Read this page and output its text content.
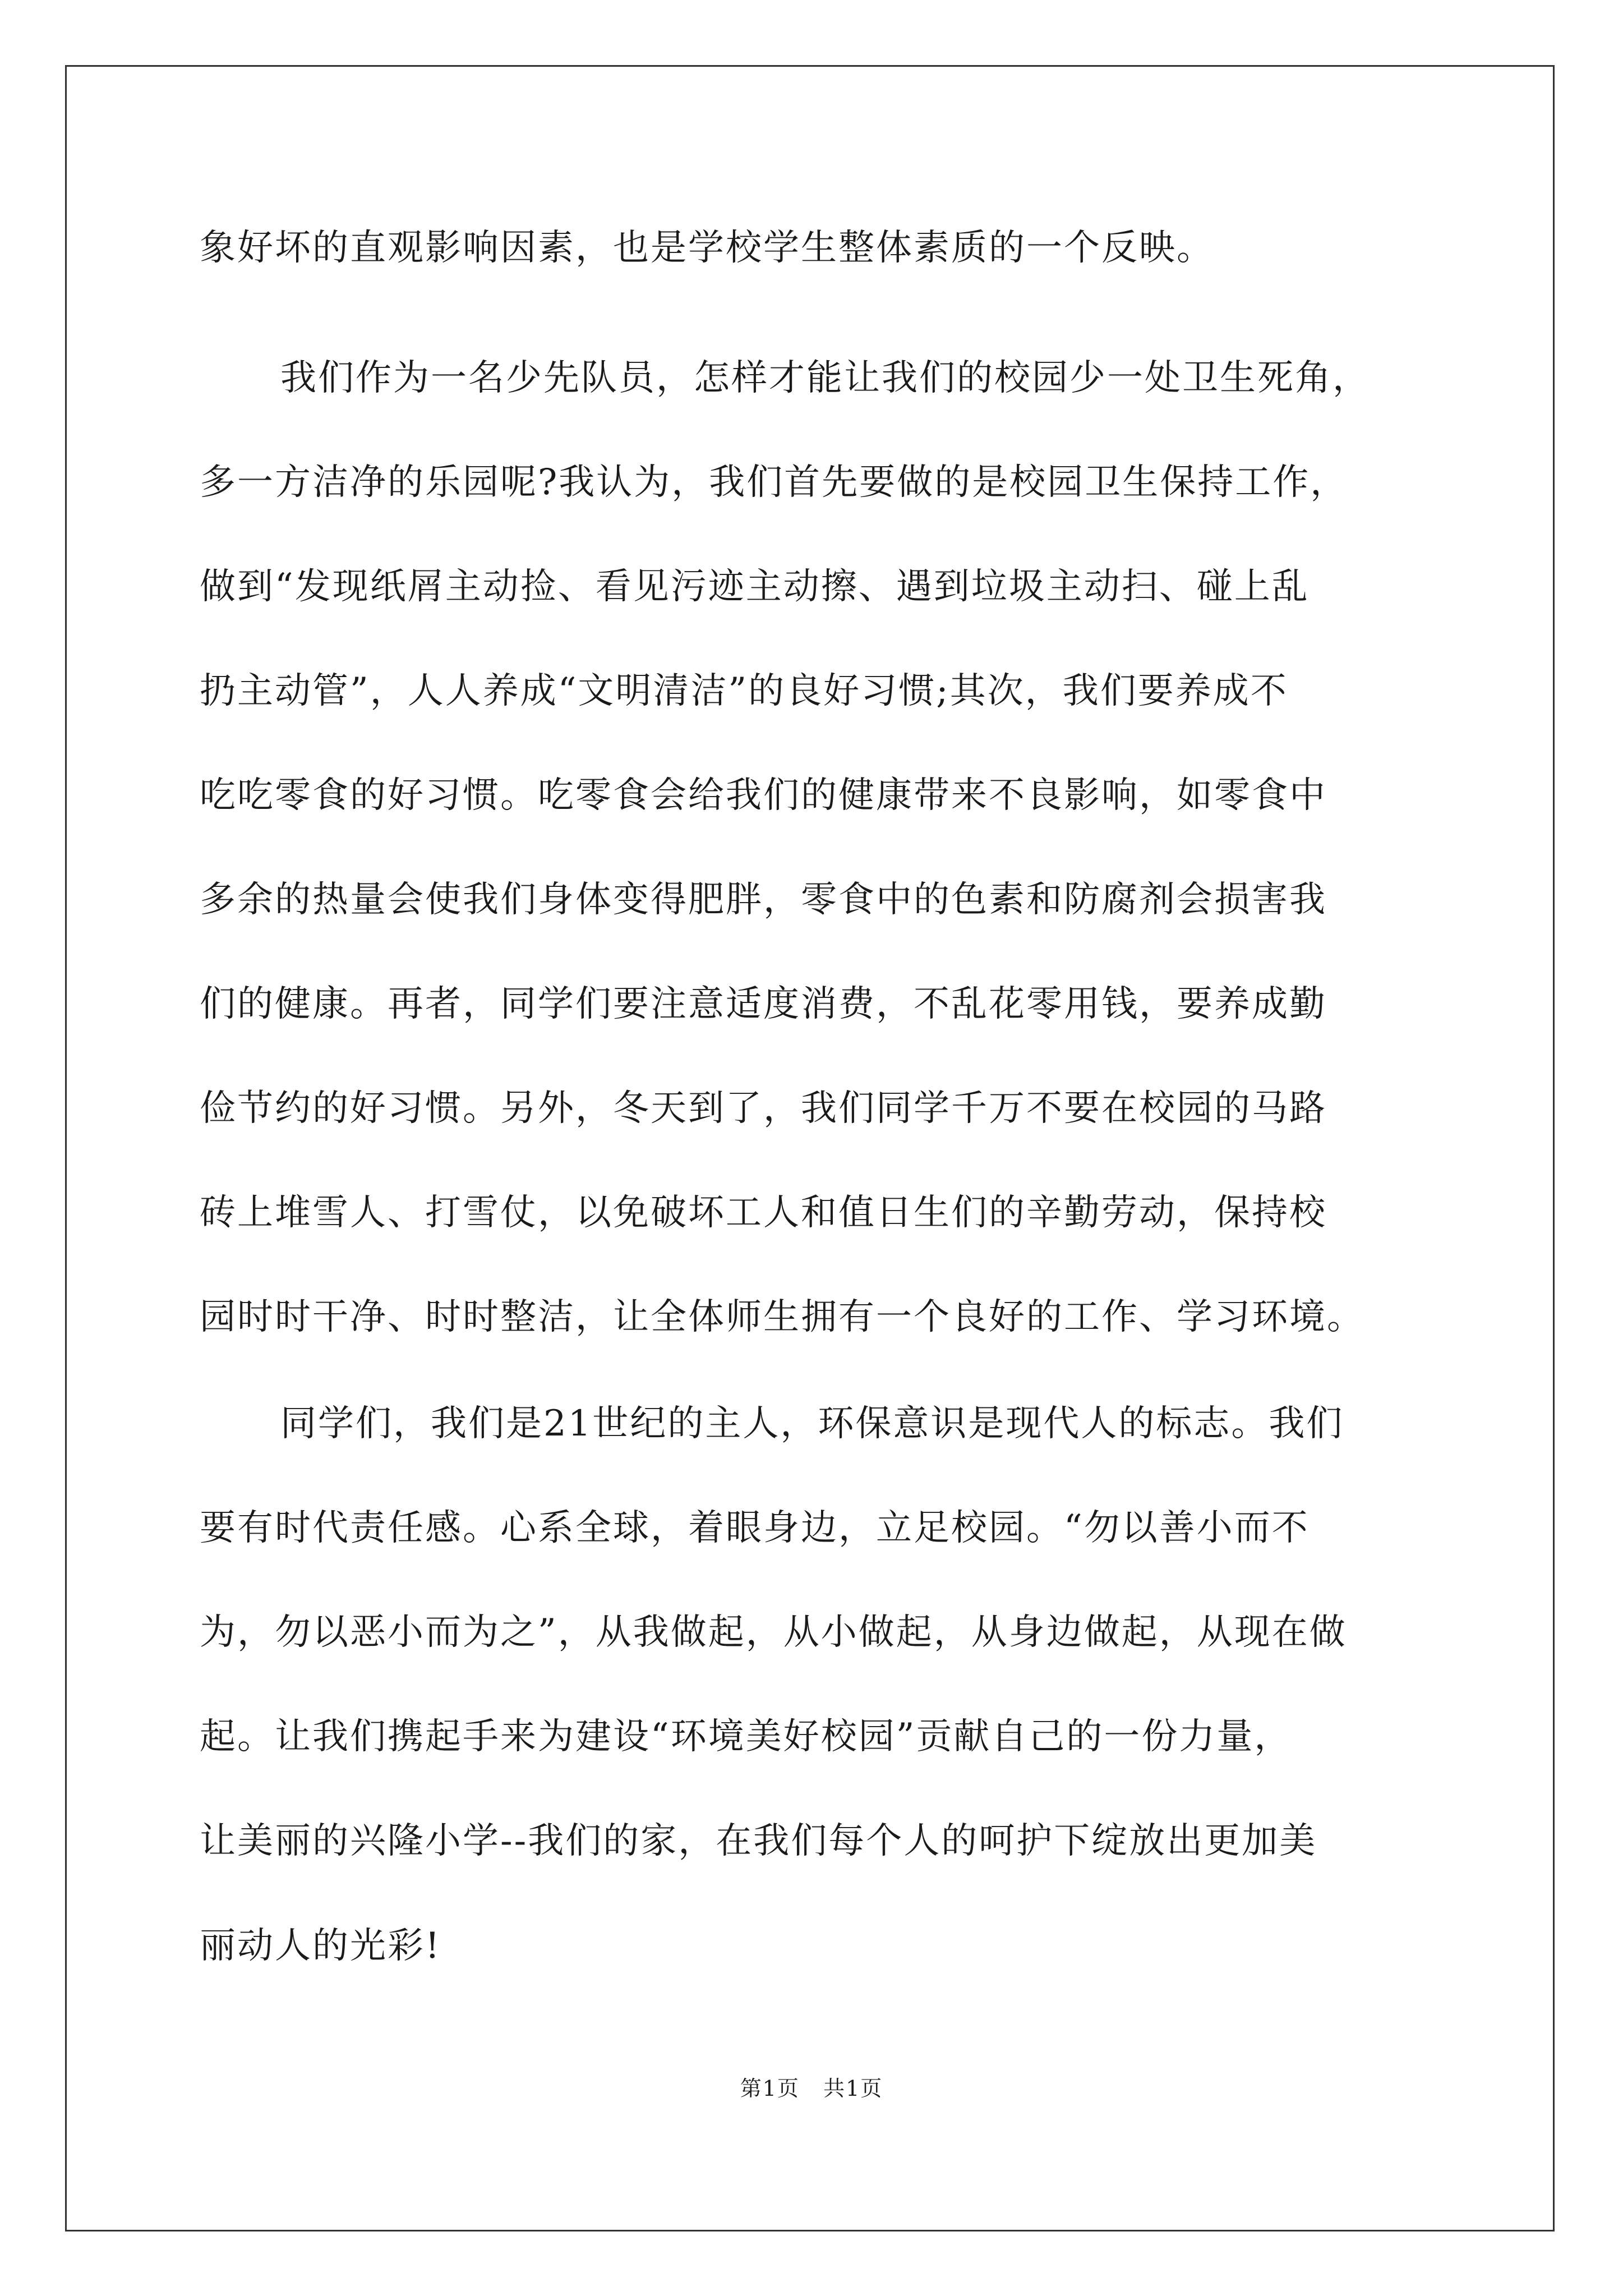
象好坏的直观影响因素，也是学校学生整体素质的一个反映。
我们作为一名少先队员，怎样才能让我们的校园少一处卫生死角，
多一方洁净的乐园呢?我认为，我们首先要做的是校园卫生保持工作，
做到“发现纸屑主动捡、看见污迹主动擦、遇到垃圾主动扫、碰上乱
扔主动管”，人人养成“文明清洁”的良好习惯;其次，我们要养成不
吃吃零食的好习惯。吃零食会给我们的健康带来不良影响，如零食中
多余的热量会使我们身体变得肥胖，零食中的色素和防腐剂会损害我
们的健康。再者，同学们要注意适度消费，不乱花零用钱，要养成勤
俭节约的好习惯。另外，冬天到了，我们同学千万不要在校园的马路
砖上堆雪人、打雪仗，以免破坏工人和值日生们的辛勤劳动，保持校
园时时干净、时时整洁，让全体师生拥有一个良好的工作、学习环境。
同学们，我们是21世纪的主人，环保意识是现代人的标志。我们
要有时代责任感。心系全球，着眼身边，立足校园。“勿以善小而不
为，勿以恶小而为之”，从我做起，从小做起，从身边做起，从现在做
起。让我们携起手来为建设“环境美好校园”贡献自己的一份力量，
让美丽的兴隆小学--我们的家，在我们每个人的呵护下绽放出更加美
丽动人的光彩!
第1页   共1页
